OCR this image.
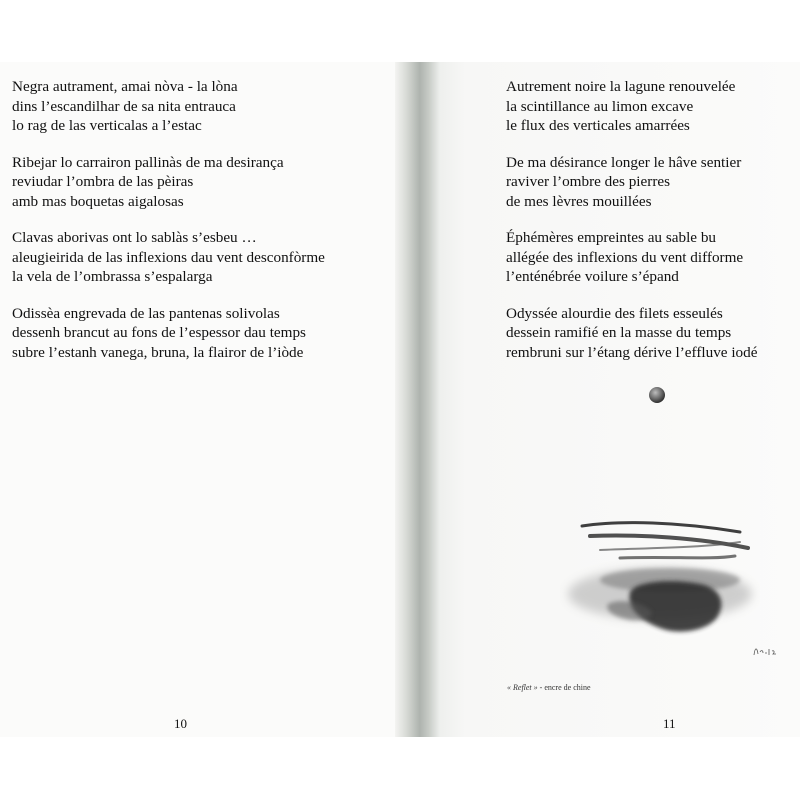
Negra autrament, amai nòva - la lòna
dins l’escandilhar de sa nita entrauca
lo rag de las verticalas a l’estac
Ribejar lo carrairon pallinàs de ma desirança
reviudar l’ombra de las pèiras
amb mas boquetas aigalosas
Clavas aborivas ont lo sablàs s’esbeu …
aleugieirida de las inflexions dau vent desconfòrme
la vela de l’ombrassa s’espalarga
Odissèa engrevada de las pantenas solivolas
dessenh brancut au fons de l’espessor dau temps
subre l’estanh vanega, bruna, la flairor de l’iòde
Autrement noire la lagune renouvelée
la scintillance au limon excave
le flux des verticales amarrées
De ma désirance longer le hâve sentier
raviver l’ombre des pierres
de mes lèvres mouillées
Éphémères empreintes au sable bu
allégée des inflexions du vent difforme
l’enténébrée voilure s’épand
Odyssée alourdie des filets esseulés
dessein ramifié en la masse du temps
rembruni sur l’étang dérive l’effluve iodé
« Reflet » - encre de chine
10	11
